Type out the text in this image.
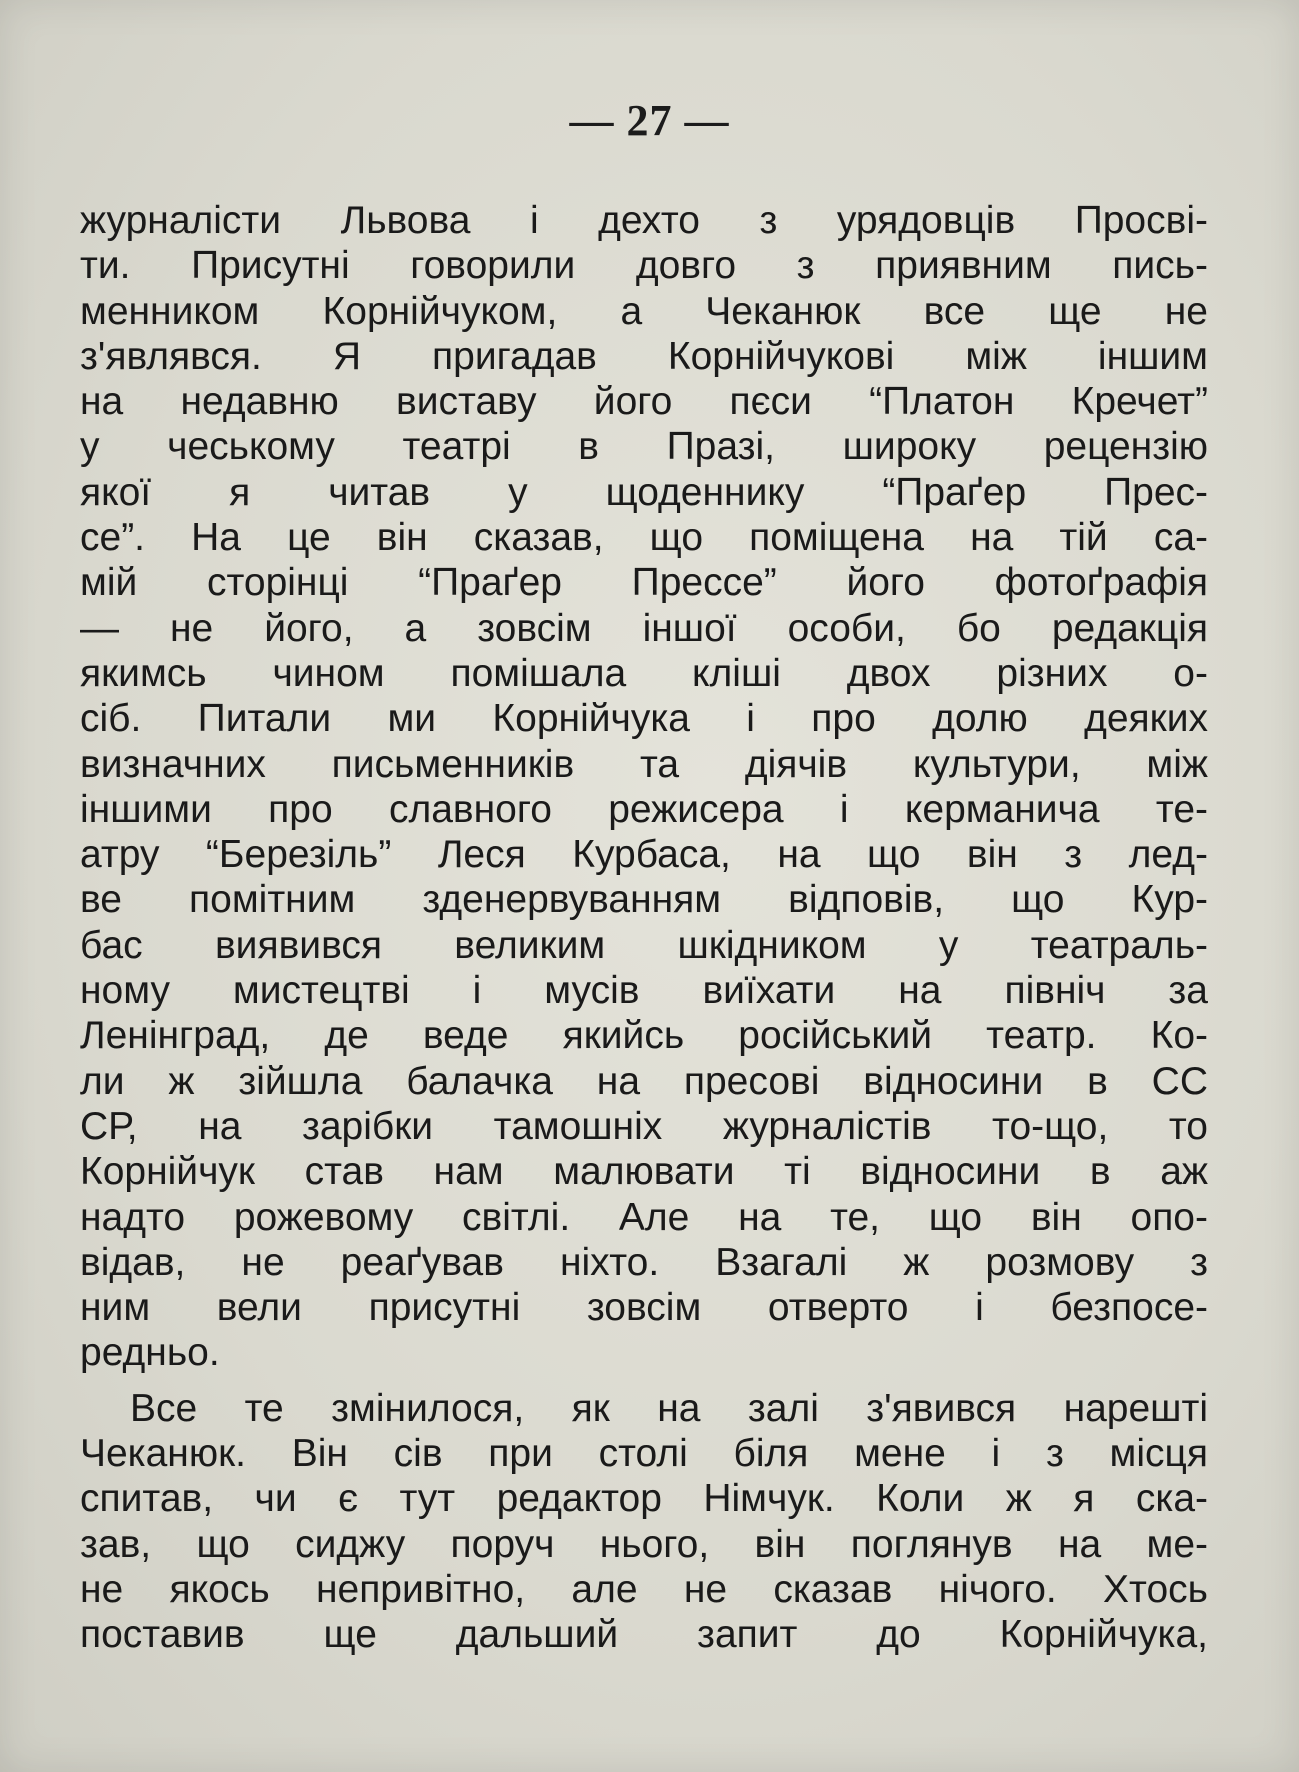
— 27 —
журналісти Львова і дехто з урядовців Просві-
ти. Присутні говорили довго з приявним пись-
менником Корнійчуком, а Чеканюк все ще не
з'являвся. Я пригадав Корнійчукові між іншим
на недавню виставу його пєси “Платон Кречет”
у чеському театрі в Празі, широку рецензію
якої я читав у щоденнику “Праґер Прес-
се”. На це він сказав, що поміщена на тій са-
мій сторінці “Праґер Прессе” його фотоґрафія
— не його, а зовсім іншої особи, бо редакція
якимсь чином помішала кліші двох різних о-
сіб. Питали ми Корнійчука і про долю деяких
визначних письменників та діячів культури, між
іншими про славного режисера і керманича те-
атру “Березіль” Леся Курбаса, на що він з лед-
ве помітним зденервуванням відповів, що Кур-
бас виявився великим шкідником у театраль-
ному мистецтві і мусів виїхати на північ за
Ленінград, де веде якийсь російський театр. Ко-
ли ж зійшла балачка на пресові відносини в СС
СР, на зарібки тамошніх журналістів то-що, то
Корнійчук став нам малювати ті відносини в аж
надто рожевому світлі. Але на те, що він опо-
відав, не реаґував ніхто. Взагалі ж розмову з
ним вели присутні зовсім отверто і безпосе-
редньо.
Все те змінилося, як на залі з'явився нарешті
Чеканюк. Він сів при столі біля мене і з місця
спитав, чи є тут редактор Німчук. Коли ж я ска-
зав, що сиджу поруч нього, він поглянув на ме-
не якось непривітно, але не сказав нічого. Хтось
поставив ще дальший запит до Корнійчука,
